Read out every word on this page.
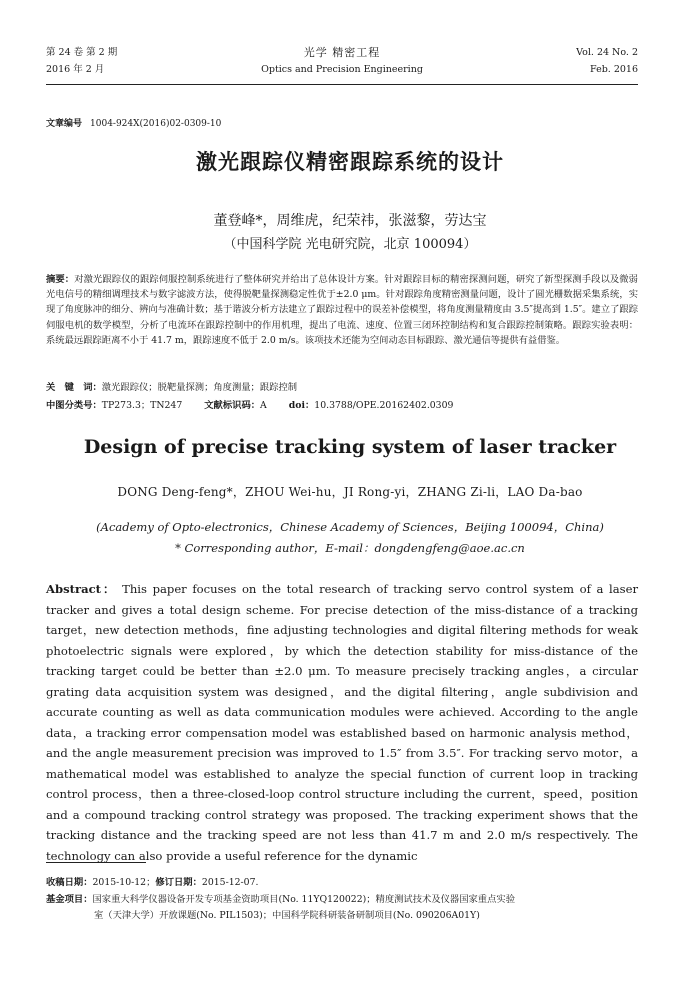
第 24 卷 第 2 期
2016 年 2 月
光学 精密工程
Optics and Precision Engineering
Vol. 24 No. 2
Feb. 2016
文章编号 1004-924X(2016)02-0309-10
激光跟踪仪精密跟踪系统的设计
董登峰*，周维虎，纪荣祎，张滋黎，劳达宝
（中国科学院 光电研究院，北京 100094）
摘要：对激光跟踪仪的跟踪伺服控制系统进行了整体研究并给出了总体设计方案。针对跟踪目标的精密探测问题，研究了新型探测手段以及微弱光电信号的精细调理技术与数字滤波方法，使得脱靶量探测稳定性优于±2.0 μm。针对跟踪角度精密测量问题，设计了圆光栅数据采集系统，实现了角度脉冲的细分、辨向与准确计数；基于谐波分析方法建立了跟踪过程中的误差补偿模型，将角度测量精度由 3.5″提高到 1.5″。建立了跟踪伺服电机的数学模型，分析了电流环在跟踪控制中的作用机理，提出了电流、速度、位置三闭环控制结构和复合跟踪控制策略。跟踪实验表明：系统最远跟踪距离不小于 41.7 m，跟踪速度不低于 2.0 m/s。该项技术还能为空间动态目标跟踪、激光通信等提供有益借鉴。
关　键　词：激光跟踪仪；脱靶量探测；角度测量；跟踪控制
中图分类号：TP273.3；TN247 文献标识码：A doi：10.3788/OPE.20162402.0309
Design of precise tracking system of laser tracker
DONG Deng-feng*，ZHOU Wei-hu，JI Rong-yi，ZHANG Zi-li，LAO Da-bao
(Academy of Opto-electronics，Chinese Academy of Sciences，Beijing 100094，China)
* Corresponding author，E-mail：dongdengfeng@aoe.ac.cn
Abstract： This paper focuses on the total research of tracking servo control system of a laser tracker and gives a total design scheme. For precise detection of the miss-distance of a tracking target，new detection methods，fine adjusting technologies and digital filtering methods for weak photoelectric signals were explored，by which the detection stability for miss-distance of the tracking target could be better than ±2.0 μm. To measure precisely tracking angles，a circular grating data acquisition system was designed，and the digital filtering，angle subdivision and accurate counting as well as data communication modules were achieved. According to the angle data，a tracking error compensation model was established based on harmonic analysis method，and the angle measurement precision was improved to 1.5″ from 3.5″. For tracking servo motor，a mathematical model was established to analyze the special function of current loop in tracking control process，then a three-closed-loop control structure including the current，speed，position and a compound tracking control strategy was proposed. The tracking experiment shows that the tracking distance and the tracking speed are not less than 41.7 m and 2.0 m/s respectively. The technology can also provide a useful reference for the dynamic
收稿日期：2015-10-12；修订日期：2015-12-07.
基金项目：国家重大科学仪器设备开发专项基金资助项目(No. 11YQ120022)；精度测试技术及仪器国家重点实验
室（天津大学）开放课题(No. PIL1503)；中国科学院科研装备研制项目(No. 090206A01Y)
